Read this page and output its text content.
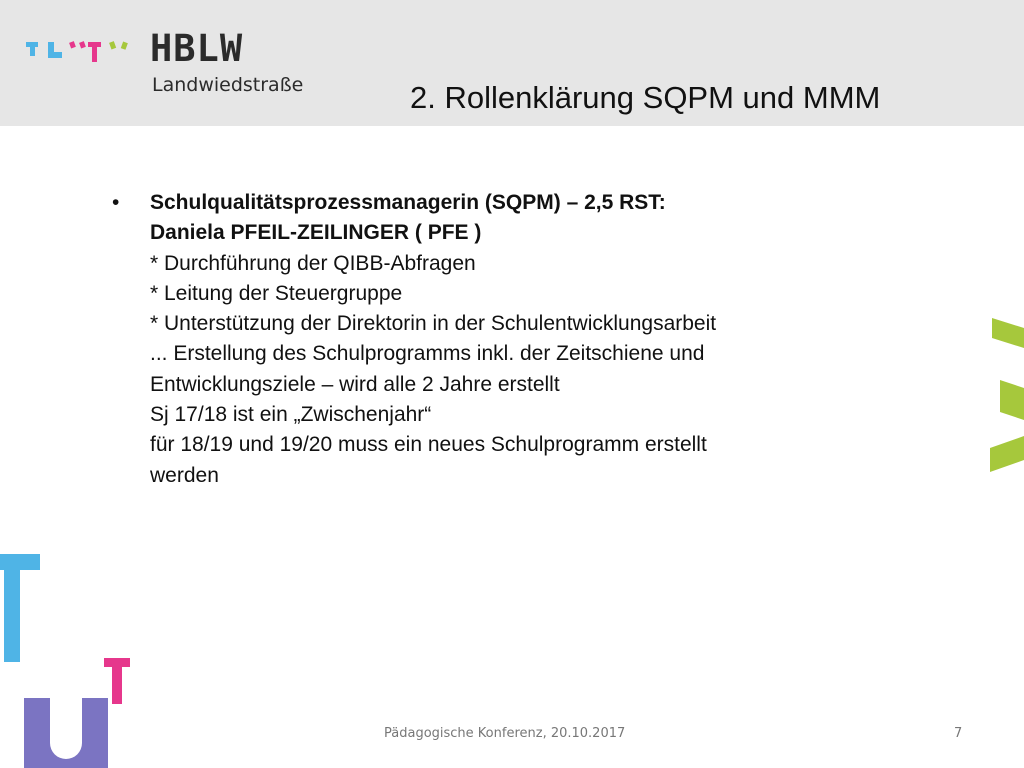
HBLW
Landwiedstraße	2. Rollenklärung SQPM und MMM
• Schulqualitätsprozessmanagerin (SQPM) – 2,5 RST:
Daniela PFEIL-ZEILINGER ( PFE )
* Durchführung der QIBB-Abfragen
* Leitung der Steuergruppe
* Unterstützung der Direktorin in der Schulentwicklungsarbeit
... Erstellung des Schulprogramms inkl. der Zeitschiene und
Entwicklungsziele – wird alle 2 Jahre erstellt
Sj 17/18 ist ein „Zwischenjahr“
für 18/19 und 19/20 muss ein neues Schulprogramm erstellt
werden
Pädagogische Konferenz, 20.10.2017	7
